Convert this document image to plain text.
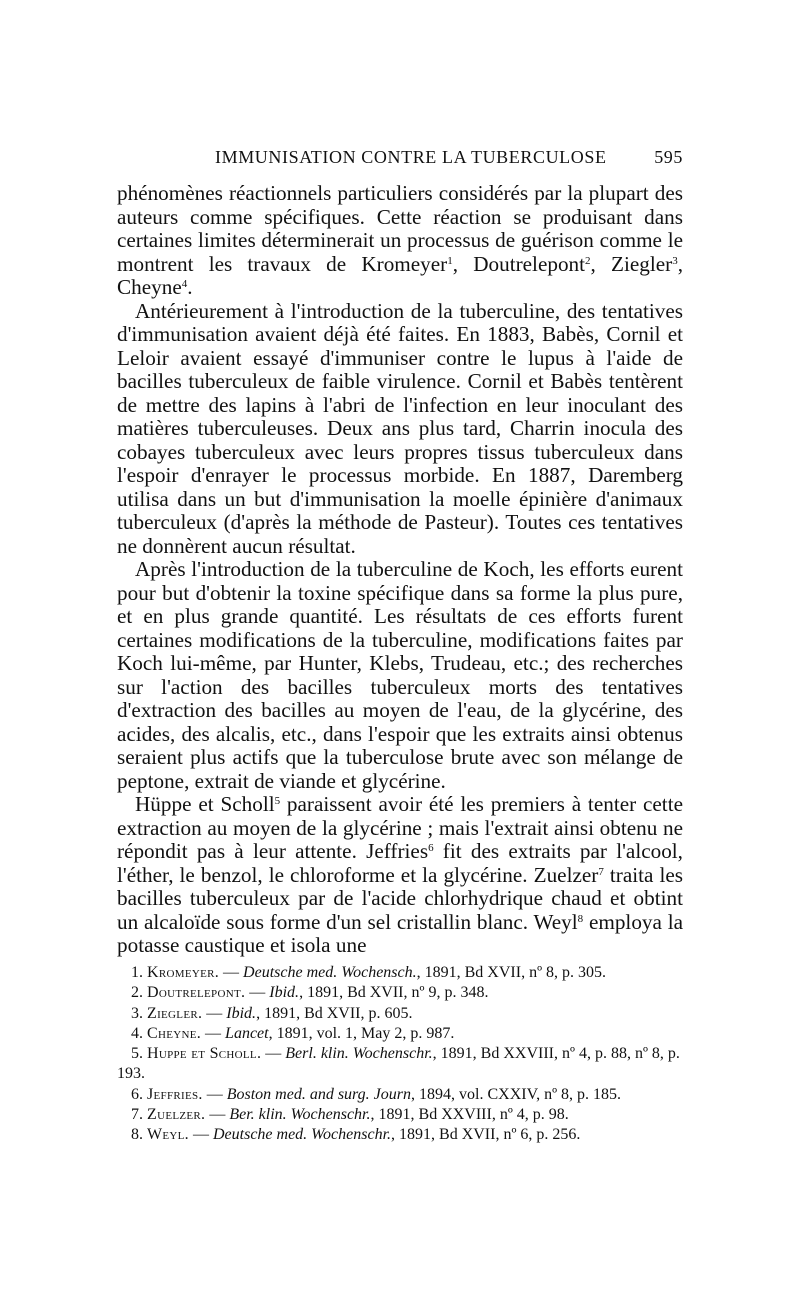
IMMUNISATION CONTRE LA TUBERCULOSE	595

phénomènes réactionnels particuliers considérés par la plupart des auteurs comme spécifiques. Cette réaction se produisant dans certaines limites déterminerait un processus de guérison comme le montrent les travaux de Kromeyer$^1$, Doutrelepont$^2$, Ziegler$^3$, Cheyne$^4$.

Antérieurement à l'introduction de la tuberculine, des tentatives d'immunisation avaient déjà été faites. En 1883, Babès, Cornil et Leloir avaient essayé d'immuniser contre le lupus à l'aide de bacilles tuberculeux de faible virulence. Cornil et Babès tentèrent de mettre des lapins à l'abri de l'infection en leur inoculant des matières tuberculeuses. Deux ans plus tard, Charrin inocula des cobayes tuberculeux avec leurs propres tissus tuberculeux dans l'espoir d'enrayer le processus morbide. En 1887, Daremberg utilisa dans un but d'immunisation la moelle épinière d'animaux tuberculeux (d'après la méthode de Pasteur). Toutes ces tentatives ne donnèrent aucun résultat.

Après l'introduction de la tuberculine de Koch, les efforts eurent pour but d'obtenir la toxine spécifique dans sa forme la plus pure, et en plus grande quantité. Les résultats de ces efforts furent certaines modifications de la tuberculine, modifications faites par Koch lui-même, par Hunter, Klebs, Trudeau, etc.; des recherches sur l'action des bacilles tuberculeux morts des tentatives d'extraction des bacilles au moyen de l'eau, de la glycérine, des acides, des alcalis, etc., dans l'espoir que les extraits ainsi obtenus seraient plus actifs que la tuberculose brute avec son mélange de peptone, extrait de viande et glycérine.

Hüppe et Scholl$^5$ paraissent avoir été les premiers à tenter cette extraction au moyen de la glycérine ; mais l'extrait ainsi obtenu ne répondit pas à leur attente. Jeffries$^6$ fit des extraits par l'alcool, l'éther, le benzol, le chloroforme et la glycérine. Zuelzer$^7$ traita les bacilles tuberculeux par de l'acide chlorhydrique chaud et obtint un alcaloïde sous forme d'un sel cristallin blanc. Weyl$^8$ employa la potasse caustique et isola une

1. Kromeyer. — Deutsche med. Wochensch., 1891, Bd XVII, nº 8, p. 305.

2. Doutrelepont. — Ibid., 1891, Bd XVII, nº 9, p. 348.

3. Ziegler. — Ibid., 1891, Bd XVII, p. 605.

4. Cheyne. — Lancet, 1891, vol. 1, May 2, p. 987.

5. Huppe et Scholl. — Berl. klin. Wochenschr., 1891, Bd XXVIII, nº 4, p. 88, nº 8, p. 193.

6. Jeffries. — Boston med. and surg. Journ, 1894, vol. CXXIV, nº 8, p. 185.

7. Zuelzer. — Ber. klin. Wochenschr., 1891, Bd XXVIII, nº 4, p. 98.

8. Weyl. — Deutsche med. Wochenschr., 1891, Bd XVII, nº 6, p. 256.
